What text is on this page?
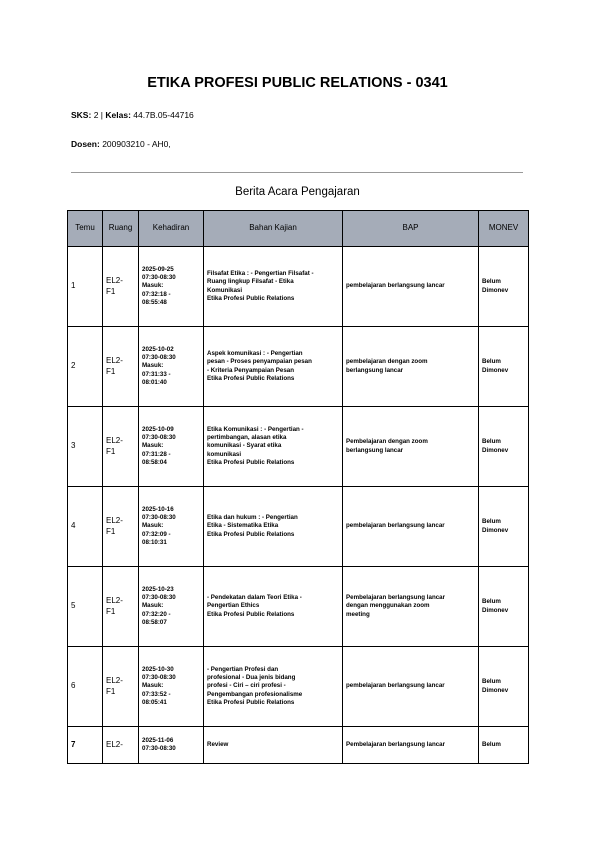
ETIKA PROFESI PUBLIC RELATIONS - 0341
SKS: 2 | Kelas: 44.7B.05-44716
Dosen: 200903210 - AH0,
Berita Acara Pengajaran
Temu	Ruang	Kehadiran	Bahan Kajian	BAP	MONEV
1	EL2-
F1	2025-09-25
07:30-08:30
Masuk:
07:32:18 -
08:55:48	Filsafat Etika : - Pengertian Filsafat -
Ruang lingkup Filsafat - Etika
Komunikasi
Etika Profesi Public Relations	pembelajaran berlangsung lancar	Belum
Dimonev
2	EL2-
F1	2025-10-02
07:30-08:30
Masuk:
07:31:33 -
08:01:40	Aspek komunikasi : - Pengertian
pesan - Proses penyampaian pesan
- Kriteria Penyampaian Pesan
Etika Profesi Public Relations	pembelajaran dengan zoom
berlangsung lancar	Belum
Dimonev
3	EL2-
F1	2025-10-09
07:30-08:30
Masuk:
07:31:28 -
08:58:04	Etika Komunikasi : - Pengertian -
pertimbangan, alasan etika
komunikasi - Syarat etika
komunikasi
Etika Profesi Public Relations	Pembelajaran dengan zoom
berlangsung lancar	Belum
Dimonev
4	EL2-
F1	2025-10-16
07:30-08:30
Masuk:
07:32:09 -
08:10:31	Etika dan hukum : - Pengertian
Etika - Sistematika Etika
Etika Profesi Public Relations	pembelajaran berlangsung lancar	Belum
Dimonev
5	EL2-
F1	2025-10-23
07:30-08:30
Masuk:
07:32:20 -
08:58:07	- Pendekatan dalam Teori Etika -
Pengertian Ethics
Etika Profesi Public Relations	Pembelajaran berlangsung lancar
dengan menggunakan zoom
meeting	Belum
Dimonev
6	EL2-
F1	2025-10-30
07:30-08:30
Masuk:
07:33:52 -
08:05:41	- Pengertian Profesi dan
profesional - Dua jenis bidang
profesi - Ciri – ciri profesi -
Pengembangan profesionalisme
Etika Profesi Public Relations	pembelajaran berlangsung lancar	Belum
Dimonev
7	EL2-	2025-11-06
07:30-08:30	Review	Pembelajaran berlangsung lancar	Belum
